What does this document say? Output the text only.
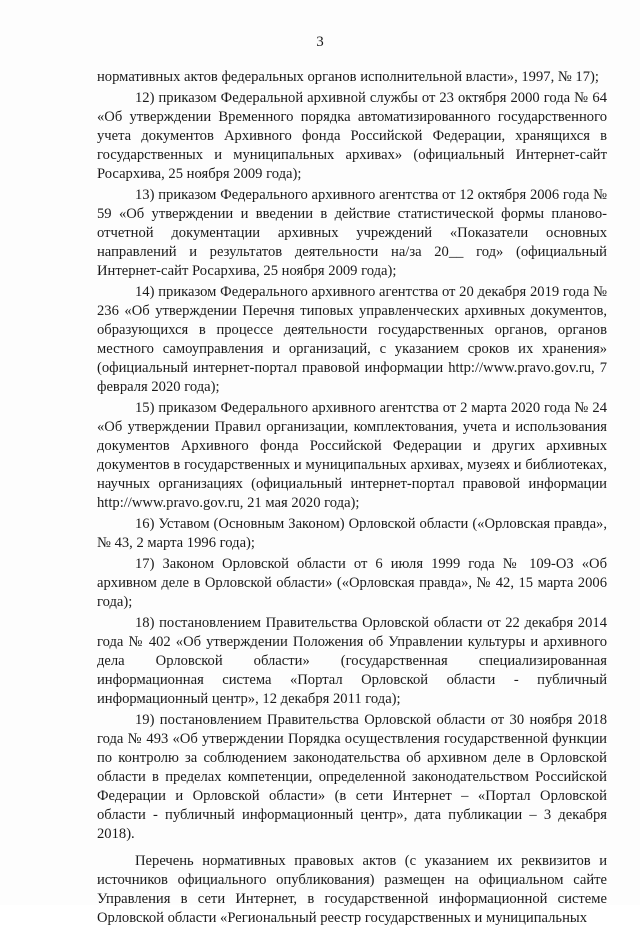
3

нормативных актов федеральных органов исполнительной власти», 1997, № 17);

12) приказом Федеральной архивной службы от 23 октября 2000 года № 64 «Об утверждении Временного порядка автоматизированного государственного учета документов Архивного фонда Российской Федерации, хранящихся в государственных и муниципальных архивах» (официальный Интернет-сайт Росархива, 25 ноября 2009 года);

13) приказом Федерального архивного агентства от 12 октября 2006 года № 59 «Об утверждении и введении в действие статистической формы планово-отчетной документации архивных учреждений «Показатели основных направлений и результатов деятельности на/за 20__ год» (официальный Интернет-сайт Росархива, 25 ноября 2009 года);

14) приказом Федерального архивного агентства от 20 декабря 2019 года № 236 «Об утверждении Перечня типовых управленческих архивных документов, образующихся в процессе деятельности государственных органов, органов местного самоуправления и организаций, с указанием сроков их хранения» (официальный интернет-портал правовой информации http://www.pravo.gov.ru, 7 февраля 2020 года);

15) приказом Федерального архивного агентства от 2 марта 2020 года № 24 «Об утверждении Правил организации, комплектования, учета и использования документов Архивного фонда Российской Федерации и других архивных документов в государственных и муниципальных архивах, музеях и библиотеках, научных организациях (официальный интернет-портал правовой информации http://www.pravo.gov.ru, 21 мая 2020 года);

16) Уставом (Основным Законом) Орловской области («Орловская правда», № 43, 2 марта 1996 года);

17) Законом Орловской области от 6 июля 1999 года № 109-ОЗ «Об архивном деле в Орловской области» («Орловская правда», № 42, 15 марта 2006 года);

18) постановлением Правительства Орловской области от 22 декабря 2014 года № 402 «Об утверждении Положения об Управлении культуры и архивного дела Орловской области» (государственная специализированная информационная система «Портал Орловской области - публичный информационный центр», 12 декабря 2011 года);

19) постановлением Правительства Орловской области от 30 ноября 2018 года № 493 «Об утверждении Порядка осуществления государственной функции по контролю за соблюдением законодательства об архивном деле в Орловской области в пределах компетенции, определенной законодательством Российской Федерации и Орловской области» (в сети Интернет – «Портал Орловской области - публичный информационный центр», дата публикации – 3 декабря 2018).

Перечень нормативных правовых актов (с указанием их реквизитов и источников официального опубликования) размещен на официальном сайте Управления в сети Интернет, в государственной информационной системе Орловской области «Региональный реестр государственных и муниципальных
